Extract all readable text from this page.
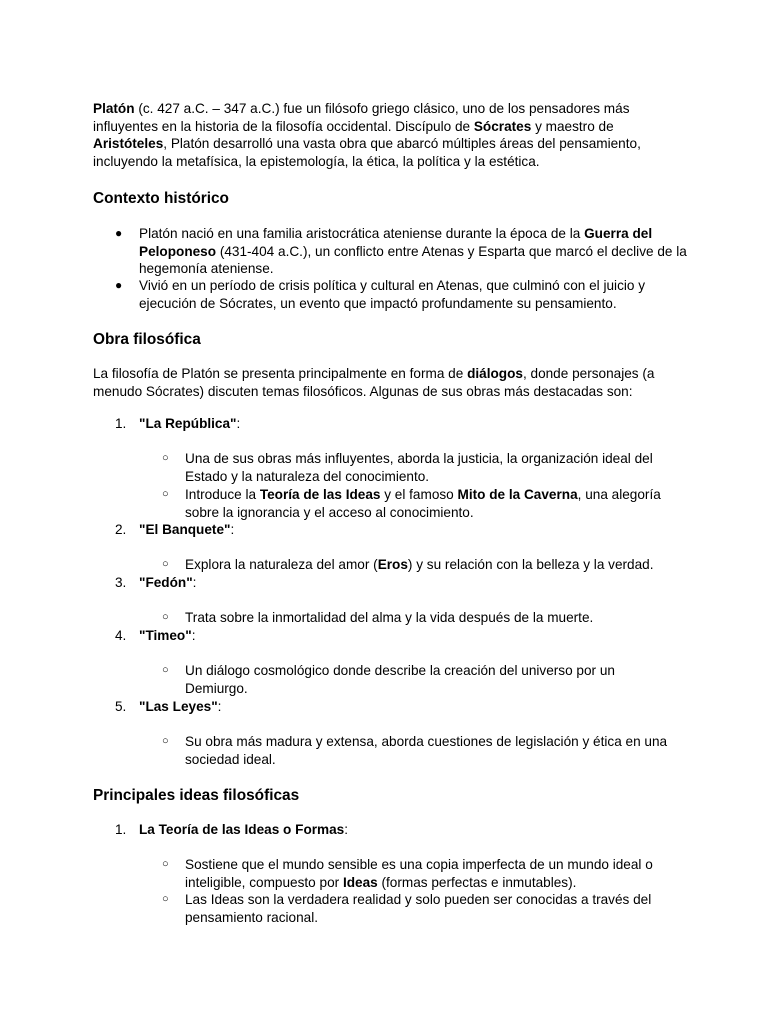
Platón (c. 427 a.C. – 347 a.C.) fue un filósofo griego clásico, uno de los pensadores más influyentes en la historia de la filosofía occidental. Discípulo de Sócrates y maestro de Aristóteles, Platón desarrolló una vasta obra que abarcó múltiples áreas del pensamiento, incluyendo la metafísica, la epistemología, la ética, la política y la estética.

Contexto histórico
● Platón nació en una familia aristocrática ateniense durante la época de la Guerra del Peloponeso (431-404 a.C.), un conflicto entre Atenas y Esparta que marcó el declive de la hegemonía ateniense.
● Vivió en un período de crisis política y cultural en Atenas, que culminó con el juicio y ejecución de Sócrates, un evento que impactó profundamente su pensamiento.
Obra filosófica

La filosofía de Platón se presenta principalmente en forma de diálogos, donde personajes (a menudo Sócrates) discuten temas filosóficos. Algunas de sus obras más destacadas son:

1. "La República":
○ Una de sus obras más influyentes, aborda la justicia, la organización ideal del Estado y la naturaleza del conocimiento.
○ Introduce la Teoría de las Ideas y el famoso Mito de la Caverna, una alegoría sobre la ignorancia y el acceso al conocimiento.
2. "El Banquete":
○ Explora la naturaleza del amor (Eros) y su relación con la belleza y la verdad.
3. "Fedón":
○ Trata sobre la inmortalidad del alma y la vida después de la muerte.
4. "Timeo":
○ Un diálogo cosmológico donde describe la creación del universo por un Demiurgo.
5. "Las Leyes":
○ Su obra más madura y extensa, aborda cuestiones de legislación y ética en una sociedad ideal.
Principales ideas filosóficas
1. La Teoría de las Ideas o Formas:
○ Sostiene que el mundo sensible es una copia imperfecta de un mundo ideal o inteligible, compuesto por Ideas (formas perfectas e inmutables).
○ Las Ideas son la verdadera realidad y solo pueden ser conocidas a través del pensamiento racional.
